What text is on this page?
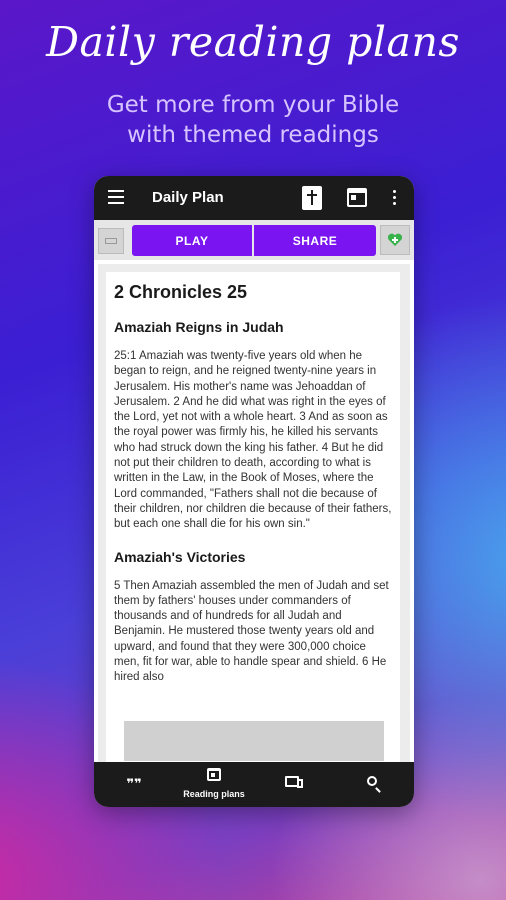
Daily reading plans
Get more from your Bible
with themed readings
Daily Plan
PLAY	SHARE
2 Chronicles 25
Amaziah Reigns in Judah

25:1 Amaziah was twenty-five years old when he began to reign, and he reigned twenty-nine years in Jerusalem. His mother's name was Jehoaddan of Jerusalem. 2 And he did what was right in the eyes of the Lord, yet not with a whole heart. 3 And as soon as the royal power was firmly his, he killed his servants who had struck down the king his father. 4 But he did not put their children to death, according to what is written in the Law, in the Book of Moses, where the Lord commanded, "Fathers shall not die because of their children, nor children die because of their fathers, but each one shall die for his own sin."

Amaziah's Victories

5 Then Amaziah assembled the men of Judah and set them by fathers' houses under commanders of thousands and of hundreds for all Judah and Benjamin. He mustered those twenty years old and upward, and found that they were 300,000 choice men, fit for war, able to handle spear and shield. 6 He hired also

❞❞
Reading plans
